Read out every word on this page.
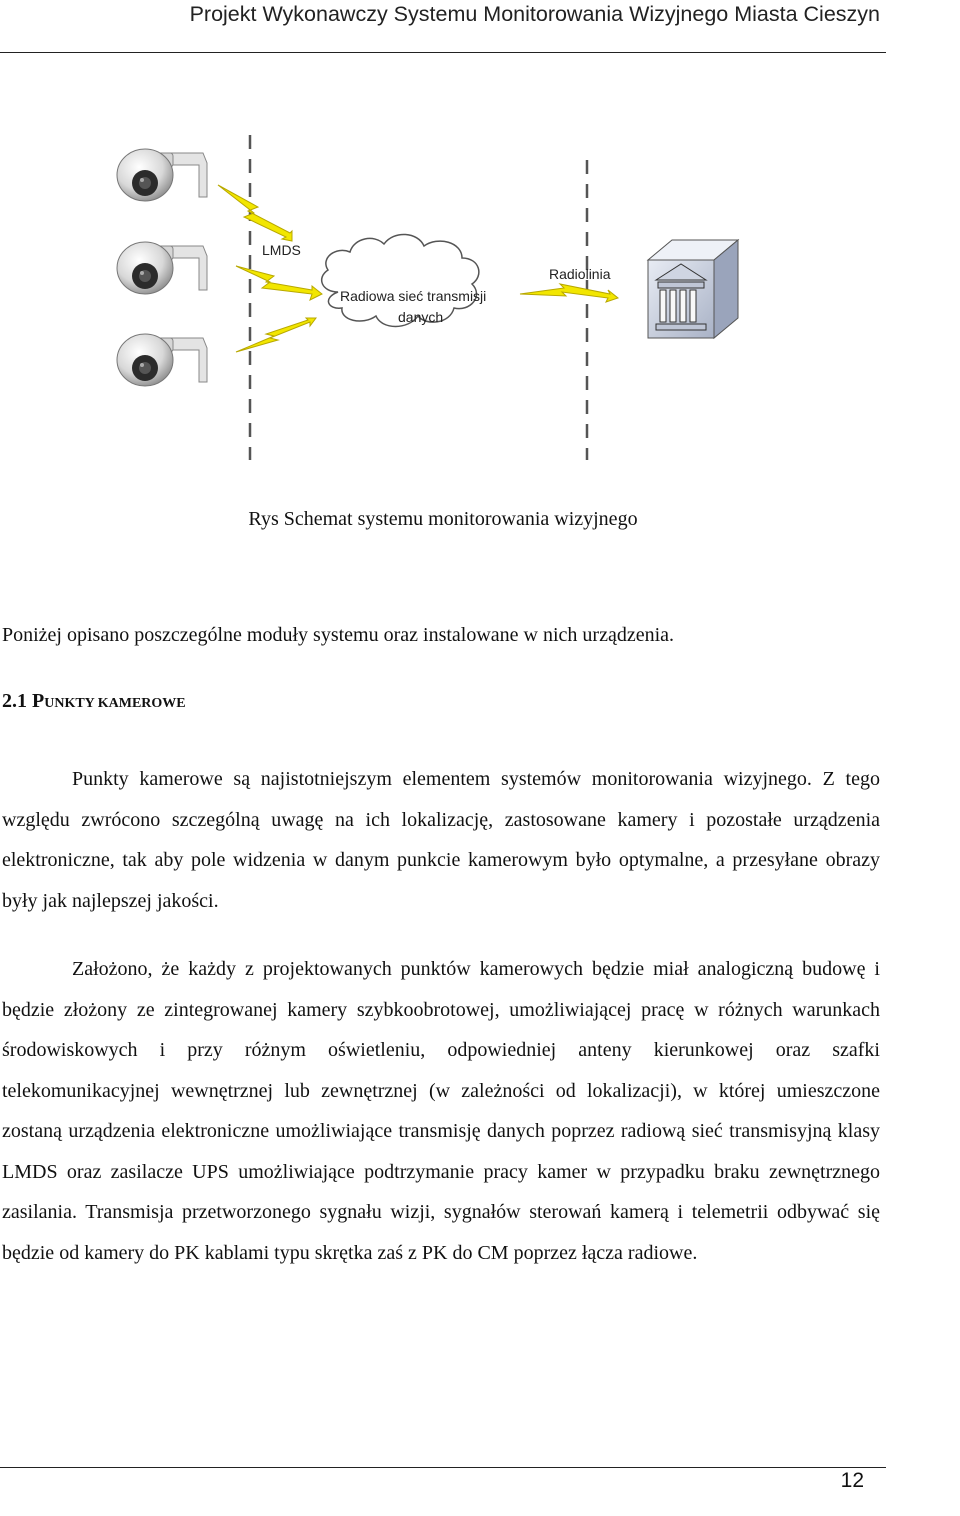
Projekt Wykonawczy Systemu Monitorowania Wizyjnego Miasta Cieszyn
LMDS
Radiowa sieć transmisji
danych
Radiolinia
Rys Schemat systemu monitorowania wizyjnego
Poniżej opisano poszczególne moduły systemu oraz instalowane w nich urządzenia.
2.1 PUNKTY KAMEROWE
Punkty kamerowe są najistotniejszym elementem systemów monitorowania wizyjnego. Z tego względu zwrócono szczególną uwagę na ich lokalizację, zastosowane kamery i pozostałe urządzenia elektroniczne, tak aby pole widzenia w danym punkcie kamerowym było optymalne, a przesyłane obrazy były jak najlepszej jakości.
Założono, że każdy z projektowanych punktów kamerowych będzie miał analogiczną budowę i będzie złożony ze zintegrowanej kamery szybkoobrotowej, umożliwiającej pracę w różnych warunkach środowiskowych i przy różnym oświetleniu, odpowiedniej anteny kierunkowej oraz szafki telekomunikacyjnej wewnętrznej lub zewnętrznej (w zależności od lokalizacji), w której umieszczone zostaną urządzenia elektroniczne umożliwiające transmisję danych poprzez radiową sieć transmisyjną klasy LMDS oraz zasilacze UPS umożliwiające podtrzymanie pracy kamer w przypadku braku zewnętrznego zasilania. Transmisja przetworzonego sygnału wizji, sygnałów sterowań kamerą i telemetrii odbywać się będzie od kamery do PK kablami typu skrętka zaś z PK do CM poprzez łącza radiowe.
12
